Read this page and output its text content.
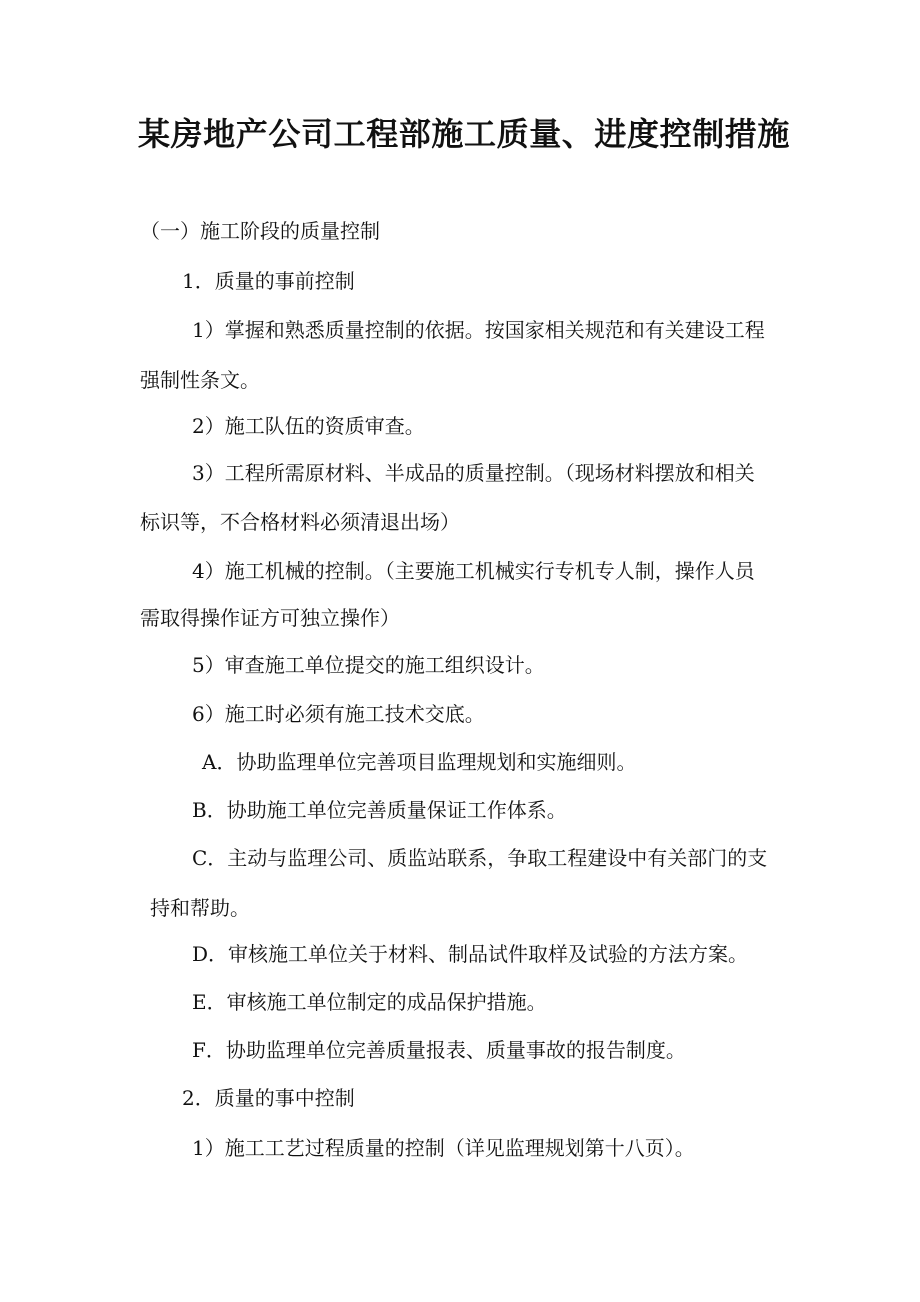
某房地产公司工程部施工质量、进度控制措施
（一）施工阶段的质量控制
1．质量的事前控制
1）掌握和熟悉质量控制的依据。按国家相关规范和有关建设工程
强制性条文。
2）施工队伍的资质审查。
3）工程所需原材料、半成品的质量控制。（现场材料摆放和相关
标识等，不合格材料必须清退出场）
4）施工机械的控制。（主要施工机械实行专机专人制，操作人员
需取得操作证方可独立操作）
5）审查施工单位提交的施工组织设计。
6）施工时必须有施工技术交底。
A．协助监理单位完善项目监理规划和实施细则。
B．协助施工单位完善质量保证工作体系。
C．主动与监理公司、质监站联系，争取工程建设中有关部门的支
持和帮助。
D．审核施工单位关于材料、制品试件取样及试验的方法方案。
E．审核施工单位制定的成品保护措施。
F．协助监理单位完善质量报表、质量事故的报告制度。
2．质量的事中控制
1）施工工艺过程质量的控制（详见监理规划第十八页）。
